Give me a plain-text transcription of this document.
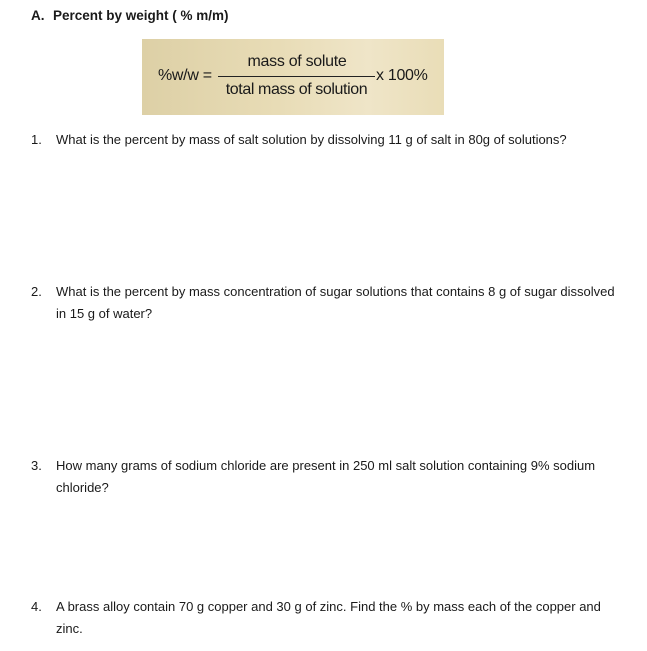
A. Percent by weight ( % m/m)
%w/w =
mass of solute
total mass of solution
x 100%
1. What is the percent by mass of salt solution by dissolving 11 g of salt in 80g of solutions?
2. What is the percent by mass concentration of sugar solutions that contains 8 g of sugar dissolved in 15 g of water?
3. How many grams of sodium chloride are present in 250 ml salt solution containing 9% sodium chloride?
4. A brass alloy contain 70 g copper and 30 g of zinc. Find the % by mass each of the copper and zinc.
